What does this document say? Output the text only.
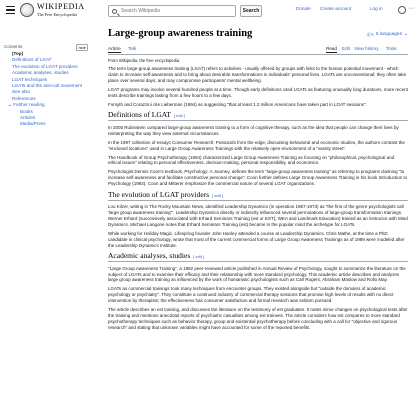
WIKIPEDIA
The Free Encyclopedia
Search Wikipedia
Search	Donate Create account	Log in	⋯
Contents	hide
(Top)
Definitions of LGAT
The evolution of LGAT providers
Academic analyses, studies
LGAT techniques
LGATs and the anti-cult movement
See also
References
⌄ Further reading
Books
Articles
Media/Press
Large-group awareness training	文A 5 languages ⌄
Article Talk	Read Edit View history Tools
From Wikipedia, the free encyclopedia

The term large-group awareness training (LGAT) refers to activities - usually offered by groups with links to the human potential movement - which claim to increase self-awareness and to bring about desirable transformations in individuals' personal lives. LGATs are unconventional; they often take place over several days, and may compromise participants' mental wellbeing.

LGAT programs may involve several hundred people at a time. Though early definitions cited LGATs as featuring unusually long durations, more recent texts describe trainings lasting from a few hours to a few days.

Forsyth and Corazzini cite Lieberman (1994) as suggesting "that at least 1.2 million Americans have taken part in LGAT sessions".

Definitions of LGAT [ edit ]

In 2005 Rubinstein compared large-group awareness training to a form of cognitive therapy, such as the idea that people can change their lives by reinterpreting the way they view external circumstances.

In the 1997 collection of essays Consumer Research: Postcards from the edge, discussing behavioral and economic studies, the authors contrast the "enclosed locations" used in Large Group Awareness Trainings with the relatively open environment of a "varsity street".

The Handbook of Group Psychotherapy (1994) characterized Large Group Awareness Training as focusing on "philosophical, psychological and ethical issues" relating to personal effectiveness, decision-making, personal responsibility, and economics.

Psychologist Dennis Coon's textbook, Psychology: A Journey, defines the term "large-group awareness training" as referring to programs claiming "to increase self-awareness and facilitate constructive personal change". Coon further defines Large Group Awareness Training in his book Introduction to Psychology (1992). Coon and Mitterer emphasize the commercial nature of several LGAT organizations.

The evolution of LGAT providers [ edit ]

Lou Kilzer, writing in The Rocky Mountain News, identified Leadership Dynamics (in operation 1967-1973) as "the first of the genre psychologists call 'large group awareness training'". Leadership Dynamics directly or indirectly influenced several permutations of large-group transformation trainings. Werner Erhard (successively associated with Erhard Seminars Training (est or EST), WEA and Landmark Education) trained as an instructor with Mind Dynamics. Michael Langone notes that Erhard Seminars Training (est) became in the popular mind the archetype for LGATs.

While working for Holiday Magic, Lifespring founder John Hanley attended a course at Leadership Dynamics. Chris Mathe, at the time a PhD candidate in clinical psychology, wrote that most of the current commercial forms of Large Group Awareness Trainings as of 1999 were modeled after the Leadership Dynamics Institute.

Academic analyses, studies [ edit ]

"Large Group Awareness Training", a 1982 peer-reviewed article published in Annual Review of Psychology, sought to summarize the literature on the subject of LGATs and to examine their efficacy and their relationship with more standard psychology. This academic article describes and analyzes large group awareness training as influenced by the work of humanistic psychologists such as Carl Rogers, Abraham Maslow and Rollo May.

LGATs as commercial trainings took many techniques from encounter groups. They existed alongside but "outside the domains of academic psychology or psychiatry". They constitute a continued industry of commercial therapy sessions that promise high levels of results with no direct intervention by therapists; the effectiveness has consumer satisfaction and formal research was seldom pursued.

The article describes an est training, and discusses the literature on the testimony of est graduates. It notes minor changes on psychological tests after the training and mentions anecdotal reports of psychiatric casualties among est trainees. The article considers how est compares to more standard psychotherapy techniques such as behavior therapy, group and existential psychotherapy before concluding with a call for "objective and rigorous research" and stating that unknown variables might have accounted for some of the reported benefits.
